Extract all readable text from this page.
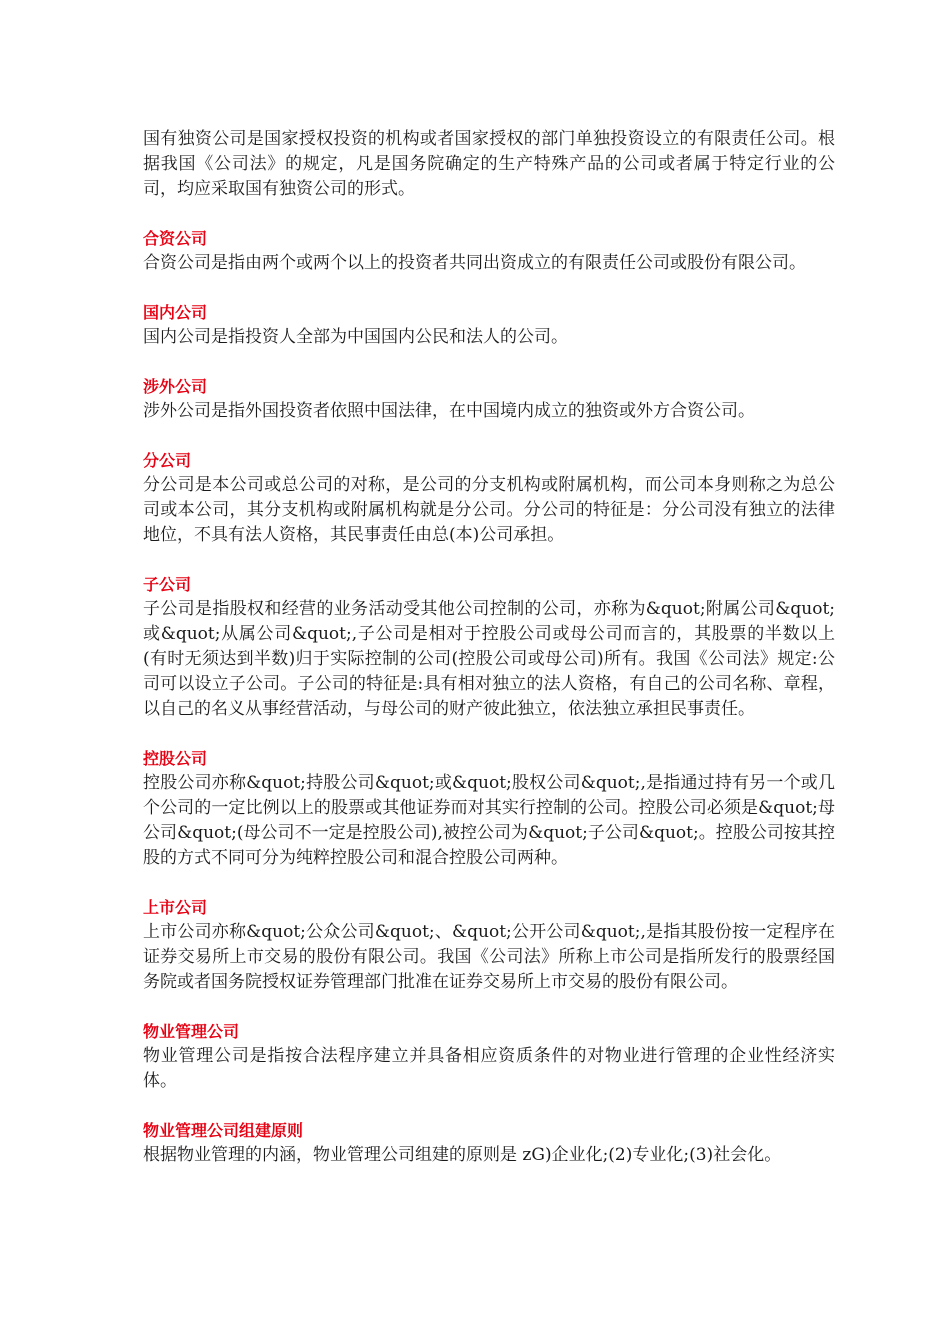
国有独资公司是国家授权投资的机构或者国家授权的部门单独投资设立的有限责任公司。根据我国《公司法》的规定，凡是国务院确定的生产特殊产品的公司或者属于特定行业的公司，均应采取国有独资公司的形式。

合资公司

合资公司是指由两个或两个以上的投资者共同出资成立的有限责任公司或股份有限公司。

国内公司

国内公司是指投资人全部为中国国内公民和法人的公司。

涉外公司

涉外公司是指外国投资者依照中国法律，在中国境内成立的独资或外方合资公司。

分公司

分公司是本公司或总公司的对称，是公司的分支机构或附属机构，而公司本身则称之为总公司或本公司，其分支机构或附属机构就是分公司。分公司的特征是：分公司没有独立的法律地位，不具有法人资格，其民事责任由总(本)公司承担。

子公司

子公司是指股权和经营的业务活动受其他公司控制的公司，亦称为&quot;附属公司&quot;或&quot;从属公司&quot;,子公司是相对于控股公司或母公司而言的，其股票的半数以上(有时无须达到半数)归于实际控制的公司(控股公司或母公司)所有。我国《公司法》规定:公司可以设立子公司。子公司的特征是:具有相对独立的法人资格，有自己的公司名称、章程，以自己的名义从事经营活动，与母公司的财产彼此独立，依法独立承担民事责任。

控股公司

控股公司亦称&quot;持股公司&quot;或&quot;股权公司&quot;,是指通过持有另一个或几个公司的一定比例以上的股票或其他证券而对其实行控制的公司。控股公司必须是&quot;母公司&quot;(母公司不一定是控股公司),被控公司为&quot;子公司&quot;。控股公司按其控股的方式不同可分为纯粹控股公司和混合控股公司两种。

上市公司

上市公司亦称&quot;公众公司&quot;、&quot;公开公司&quot;,是指其股份按一定程序在证券交易所上市交易的股份有限公司。我国《公司法》所称上市公司是指所发行的股票经国务院或者国务院授权证券管理部门批准在证券交易所上市交易的股份有限公司。

物业管理公司

物业管理公司是指按合法程序建立并具备相应资质条件的对物业进行管理的企业性经济实体。

物业管理公司组建原则

根据物业管理的内涵，物业管理公司组建的原则是 zG)企业化;(2)专业化;(3)社会化。
